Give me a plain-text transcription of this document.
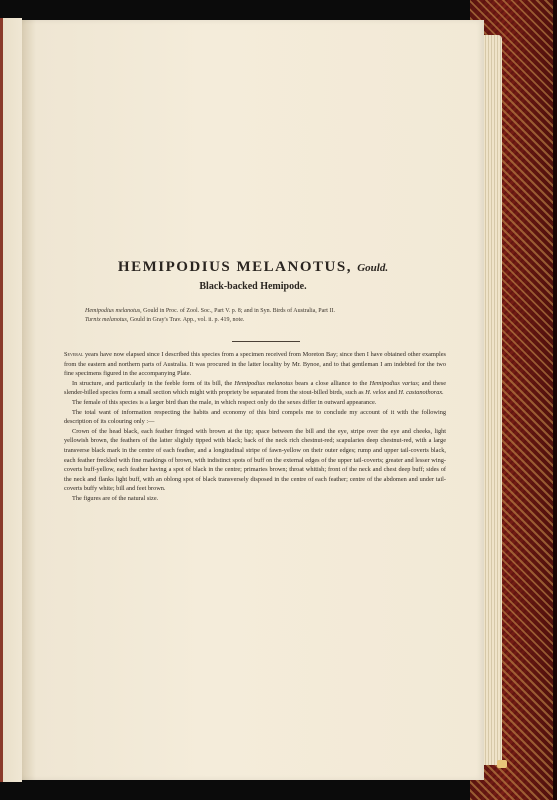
HEMIPODIUS MELANOTUS, Gould.
Black-backed Hemipode.

Hemipodius melanotus, Gould in Proc. of Zool. Soc., Part V. p. 8; and in Syn. Birds of Australia, Part II.

Turnix melanotus, Gould in Gray's Trav. App., vol. ii. p. 419, note.

Several years have now elapsed since I described this species from a specimen received from Moreton Bay; since then I have obtained other examples from the eastern and northern parts of Australia. It was procured in the latter locality by Mr. Bynoe, and to that gentleman I am indebted for the two fine specimens figured in the accompanying Plate.

In structure, and particularly in the feeble form of its bill, the Hemipodius melanotus bears a close alliance to the Hemipodius varius; and these slender-billed species form a small section which might with propriety be separated from the stout-billed birds, such as H. velox and H. castanothorax.

The female of this species is a larger bird than the male, in which respect only do the sexes differ in outward appearance.

The total want of information respecting the habits and economy of this bird compels me to conclude my account of it with the following description of its colouring only :—

Crown of the head black, each feather fringed with brown at the tip; space between the bill and the eye, stripe over the eye and cheeks, light yellowish brown, the feathers of the latter slightly tipped with black; back of the neck rich chestnut-red; scapularies deep chestnut-red, with a large transverse black mark in the centre of each feather, and a longitudinal stripe of fawn-yellow on their outer edges; rump and upper tail-coverts black, each feather freckled with fine markings of brown, with indistinct spots of buff on the external edges of the upper tail-coverts; greater and lesser wing-coverts buff-yellow, each feather having a spot of black in the centre; primaries brown; throat whitish; front of the neck and chest deep buff; sides of the neck and flanks light buff, with an oblong spot of black transversely disposed in the centre of each feather; centre of the abdomen and under tail-coverts buffy white; bill and feet brown.

The figures are of the natural size.
